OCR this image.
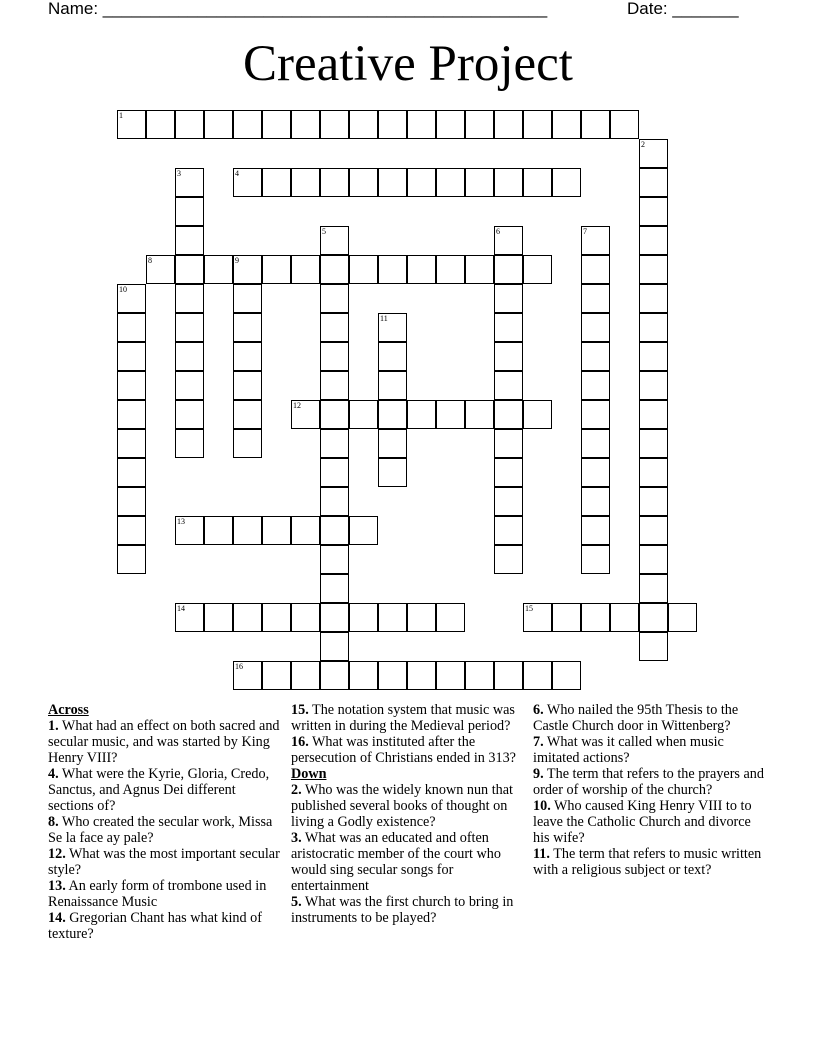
Name: _______________________________________________	Date: _______
Creative Project
1
2
3	4
5	6	7
8	9
10
11
12
13
14	15
16

Across

1. What had an effect on both sacred and secular music, and was started by King Henry VIII?

4. What were the Kyrie, Gloria, Credo, Sanctus, and Agnus Dei different sections of?

8. Who created the secular work, Missa Se la face ay pale?

12. What was the most important secular style?

13. An early form of trombone used in Renaissance Music

14. Gregorian Chant has what kind of texture?

15. The notation system that music was written in during the Medieval period?

16. What was instituted after the persecution of Christians ended in 313?

Down

2. Who was the widely known nun that published several books of thought on living a Godly existence?

3. What was an educated and often aristocratic member of the court who would sing secular songs for entertainment

5. What was the first church to bring in instruments to be played?

6. Who nailed the 95th Thesis to the Castle Church door in Wittenberg?

7. What was it called when music imitated actions?

9. The term that refers to the prayers and order of worship of the church?

10. Who caused King Henry VIII to to leave the Catholic Church and divorce his wife?

11. The term that refers to music written with a religious subject or text?
